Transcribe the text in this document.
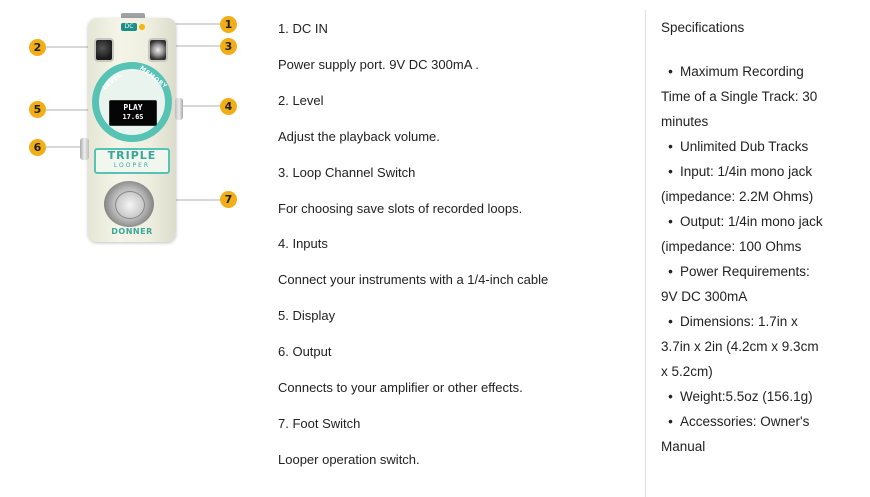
DC
LEVEL MEMORY
PLAY
17.6S
TRIPLE
LOOPER
DONNER
1
2	3
4
5
6
7
1. DC IN
Power supply port. 9V DC 300mA .
2. Level
Adjust the playback volume.
3. Loop Channel Switch
For choosing save slots of recorded loops.
4. Inputs
Connect your instruments with a 1/4-inch cable
5. Display
6. Output
Connects to your amplifier or other effects.
7. Foot Switch
Looper operation switch.
Specifications
• Maximum Recording
Time of a Single Track: 30
minutes
• Unlimited Dub Tracks
• Input: 1/4in mono jack
(impedance: 2.2M Ohms)
• Output: 1/4in mono jack
(impedance: 100 Ohms
• Power Requirements:
9V DC 300mA
• Dimensions: 1.7in x
3.7in x 2in (4.2cm x 9.3cm
x 5.2cm)
• Weight:5.5oz (156.1g)
• Accessories: Owner's
Manual
